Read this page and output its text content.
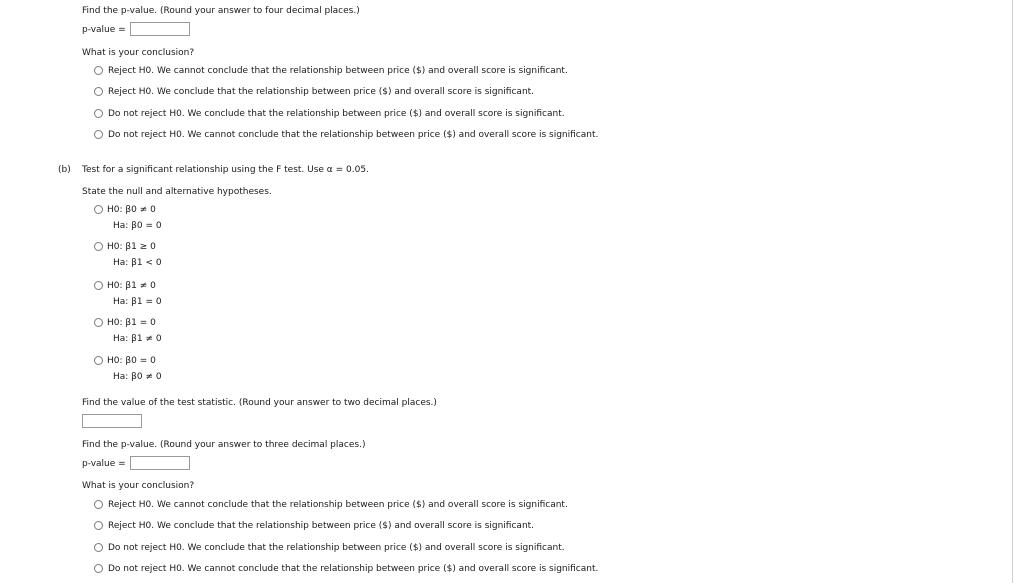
Find the p-value. (Round your answer to four decimal places.)
p-value =
What is your conclusion?
Reject H0. We cannot conclude that the relationship between price ($) and overall score is significant.
Reject H0. We conclude that the relationship between price ($) and overall score is significant.
Do not reject H0. We conclude that the relationship between price ($) and overall score is significant.
Do not reject H0. We cannot conclude that the relationship between price ($) and overall score is significant.
(b) Test for a significant relationship using the F test. Use α = 0.05.
State the null and alternative hypotheses.
H0: β0 ≠ 0
Ha: β0 = 0
H0: β1 ≥ 0
Ha: β1 < 0
H0: β1 ≠ 0
Ha: β1 = 0
H0: β1 = 0
Ha: β1 ≠ 0
H0: β0 = 0
Ha: β0 ≠ 0
Find the value of the test statistic. (Round your answer to two decimal places.)
Find the p-value. (Round your answer to three decimal places.)
p-value =
What is your conclusion?
Reject H0. We cannot conclude that the relationship between price ($) and overall score is significant.
Reject H0. We conclude that the relationship between price ($) and overall score is significant.
Do not reject H0. We conclude that the relationship between price ($) and overall score is significant.
Do not reject H0. We cannot conclude that the relationship between price ($) and overall score is significant.
